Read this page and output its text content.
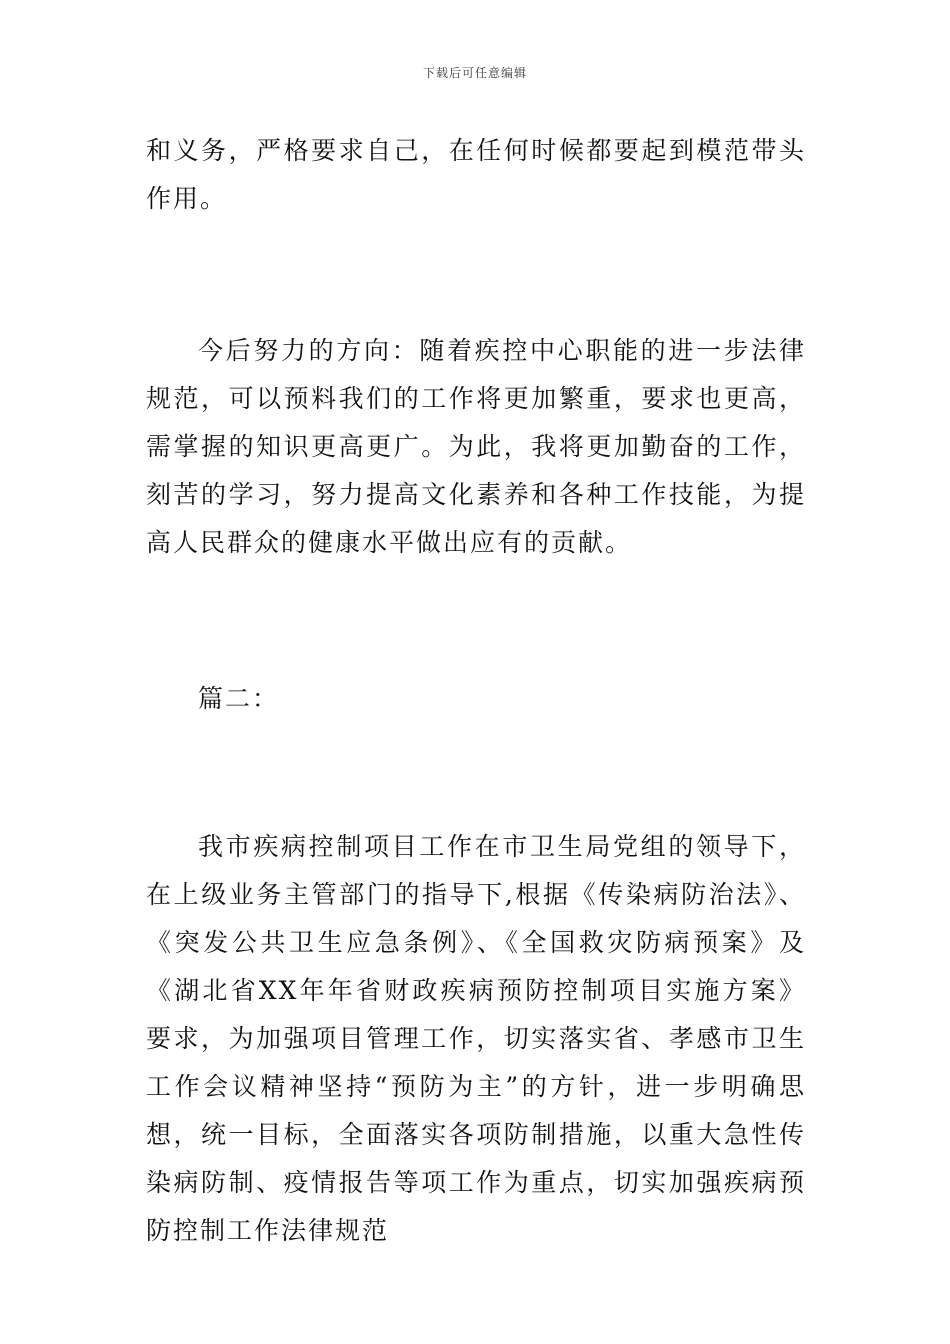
下载后可任意编辑

和义务，严格要求自己，在任何时候都要起到模范带头作用。

今后努力的方向：随着疾控中心职能的进一步法律规范，可以预料我们的工作将更加繁重，要求也更高，需掌握的知识更高更广。为此，我将更加勤奋的工作，刻苦的学习，努力提高文化素养和各种工作技能，为提高人民群众的健康水平做出应有的贡献。

篇二：

我市疾病控制项目工作在市卫生局党组的领导下，在上级业务主管部门的指导下,根据《传染病防治法》、《突发公共卫生应急条例》、《全国救灾防病预案》及《湖北省XX年年省财政疾病预防控制项目实施方案》要求，为加强项目管理工作，切实落实省、孝感市卫生工作会议精神坚持“预防为主”的方针，进一步明确思想，统一目标，全面落实各项防制措施，以重大急性传染病防制、疫情报告等项工作为重点，切实加强疾病预防控制工作法律规范
